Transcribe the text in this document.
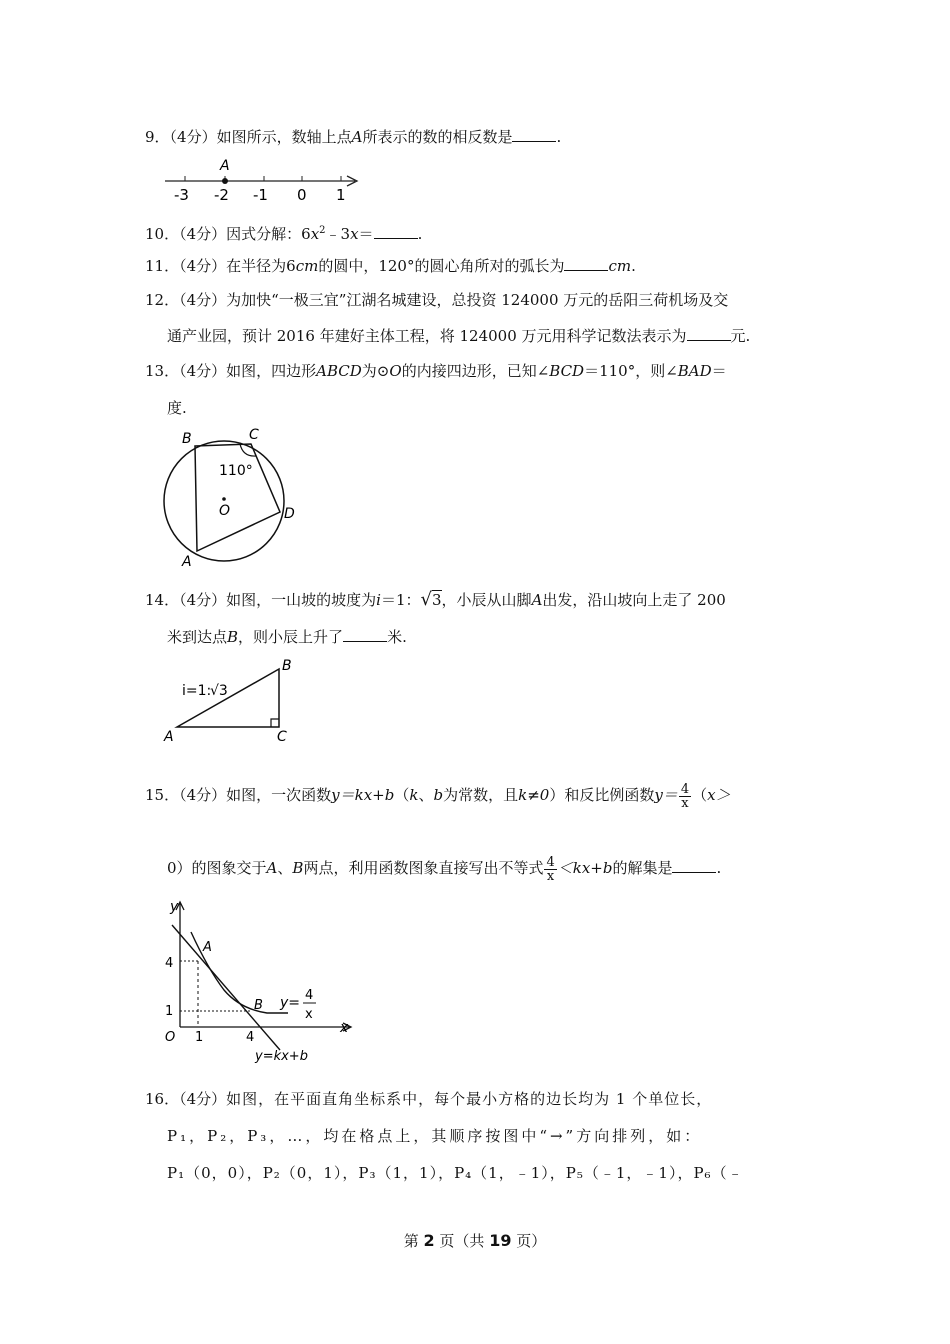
9．（4分）如图所示，数轴上点A所表示的数的相反数是	.
A
-3 -2 -1 0 1
10．（4分）因式分解：$6x^2﹣3x=$	.
11．（4分）在半径为6cm的圆中，120°的圆心角所对的弧长为	cm.
12．（4分）为加快“一极三宜”江湖名城建设，总投资 124000 万元的岳阳三荷机场及交
通产业园，预计 2016 年建好主体工程，将 124000 万元用科学记数法表示为	元.
13．（4分）如图，四边形ABCD为⊙O的内接四边形，已知∠BCD＝110°，则∠BAD＝
度.
B	C
D
A
O
110°
14．（4分）如图，一山坡的坡度为i＝1：√3，小辰从山脚A出发，沿山坡向上走了 200
米到达点B，则小辰上升了	米.
i=1:
√3
B
A	C
15．（4分）如图，一次函数y＝kx+b（k、b为常数，且k≠0）和反比例函数$y= \frac{4}{x} (x>$
0）的图象交于A、B两点，利用函数图象直接写出不等式 $\frac{4}{x} <kx+b$的解集是	.
y
x
O
4
1
1	4
A
B y= 4
x
y=kx+b
16．（4分）如图，在平面直角坐标系中，每个最小方格的边长均为 1 个单位长，
P₁，P₂，P₃，…，均在格点上，其顺序按图中“→”方向排列，如：
P₁（0，0），P₂（0，1），P₃（1，1），P₄（1，﹣1），P₅（﹣1，﹣1），P₆（﹣
第 2 页（共 19 页）
